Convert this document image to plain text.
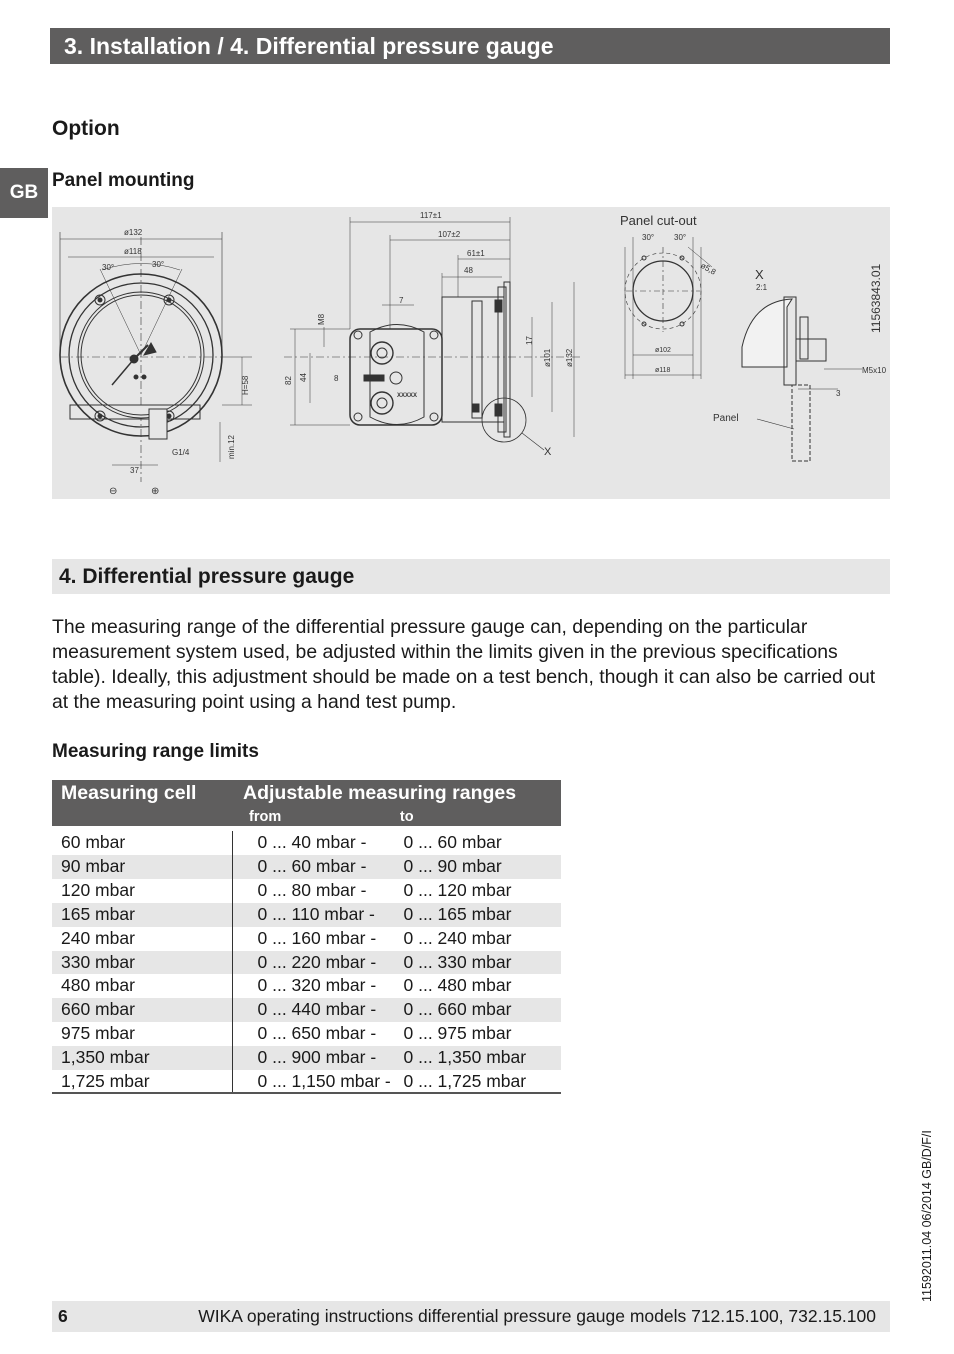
3. Installation / 4. Differential pressure gauge
GB
Option
Panel mounting
ø132
ø118
30°	30°
H=58
min.12
G1/4
37
⊖	⊕
117±1
107±2
61±1
48
7
M8
82 44	8
17
ø101 ø132
XXXXX
X
Panel cut-out
30° 30°
ø5,8
ø102
ø118
X
2:1
M5x10
3
Panel
11563843.01
4. Differential pressure gauge
The measuring range of the differential pressure gauge can, depending on the particular measurement system used, be adjusted within the limits given in the previous specifications table). Ideally, this adjustment should be made on a test bench, though it can also be carried out at the measuring point using a hand test pump.
Measuring range limits
Measuring cell	Adjustable measuring ranges
from to	

60 mbar	0 ... 40 mbar -	0 ... 60 mbar
90 mbar	0 ... 60 mbar -	0 ... 90 mbar
120 mbar	0 ... 80 mbar -	0 ... 120 mbar
165 mbar	0 ... 110 mbar -	0 ... 165 mbar
240 mbar	0 ... 160 mbar -	0 ... 240 mbar
330 mbar	0 ... 220 mbar -	0 ... 330 mbar
480 mbar	0 ... 320 mbar -	0 ... 480 mbar
660 mbar	0 ... 440 mbar -	0 ... 660 mbar
975 mbar	0 ... 650 mbar -	0 ... 975 mbar
1,350 mbar	0 ... 900 mbar -	0 ... 1,350 mbar
1,725 mbar	0 ... 1,150 mbar -	0 ... 1,725 mbar
11592011.04 06/2014 GB/D/F/I
6	WIKA operating instructions differential pressure gauge models 712.15.100, 732.15.100
